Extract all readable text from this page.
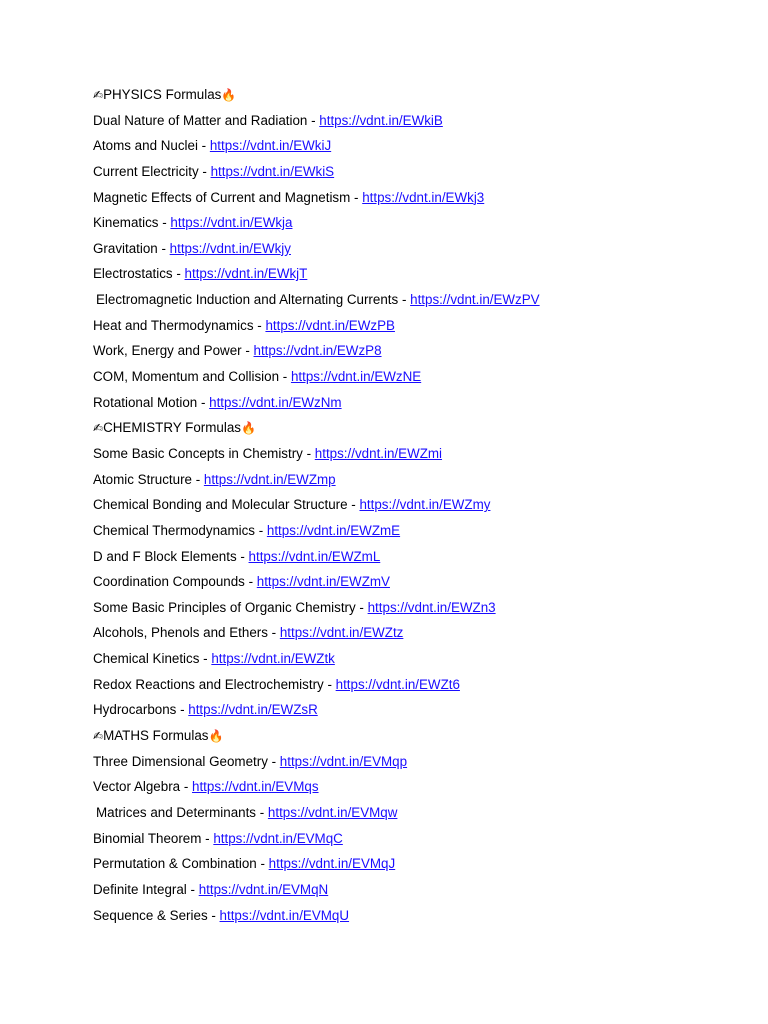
✍PHYSICS Formulas🔥
Dual Nature of Matter and Radiation - https://vdnt.in/EWkiB
Atoms and Nuclei - https://vdnt.in/EWkiJ
Current Electricity - https://vdnt.in/EWkiS
Magnetic Effects of Current and Magnetism - https://vdnt.in/EWkj3
Kinematics - https://vdnt.in/EWkja
Gravitation - https://vdnt.in/EWkjy
Electrostatics - https://vdnt.in/EWkjT
Electromagnetic Induction and Alternating Currents - https://vdnt.in/EWzPV
Heat and Thermodynamics - https://vdnt.in/EWzPB
Work, Energy and Power - https://vdnt.in/EWzP8
COM, Momentum and Collision - https://vdnt.in/EWzNE
Rotational Motion - https://vdnt.in/EWzNm
✍CHEMISTRY Formulas🔥
Some Basic Concepts in Chemistry - https://vdnt.in/EWZmi
Atomic Structure - https://vdnt.in/EWZmp
Chemical Bonding and Molecular Structure - https://vdnt.in/EWZmy
Chemical Thermodynamics - https://vdnt.in/EWZmE
D and F Block Elements - https://vdnt.in/EWZmL
Coordination Compounds - https://vdnt.in/EWZmV
Some Basic Principles of Organic Chemistry - https://vdnt.in/EWZn3
Alcohols, Phenols and Ethers - https://vdnt.in/EWZtz
Chemical Kinetics - https://vdnt.in/EWZtk
Redox Reactions and Electrochemistry - https://vdnt.in/EWZt6
Hydrocarbons - https://vdnt.in/EWZsR
✍MATHS Formulas🔥
Three Dimensional Geometry - https://vdnt.in/EVMqp
Vector Algebra - https://vdnt.in/EVMqs
Matrices and Determinants - https://vdnt.in/EVMqw
Binomial Theorem - https://vdnt.in/EVMqC
Permutation & Combination - https://vdnt.in/EVMqJ
Definite Integral - https://vdnt.in/EVMqN
Sequence & Series - https://vdnt.in/EVMqU
